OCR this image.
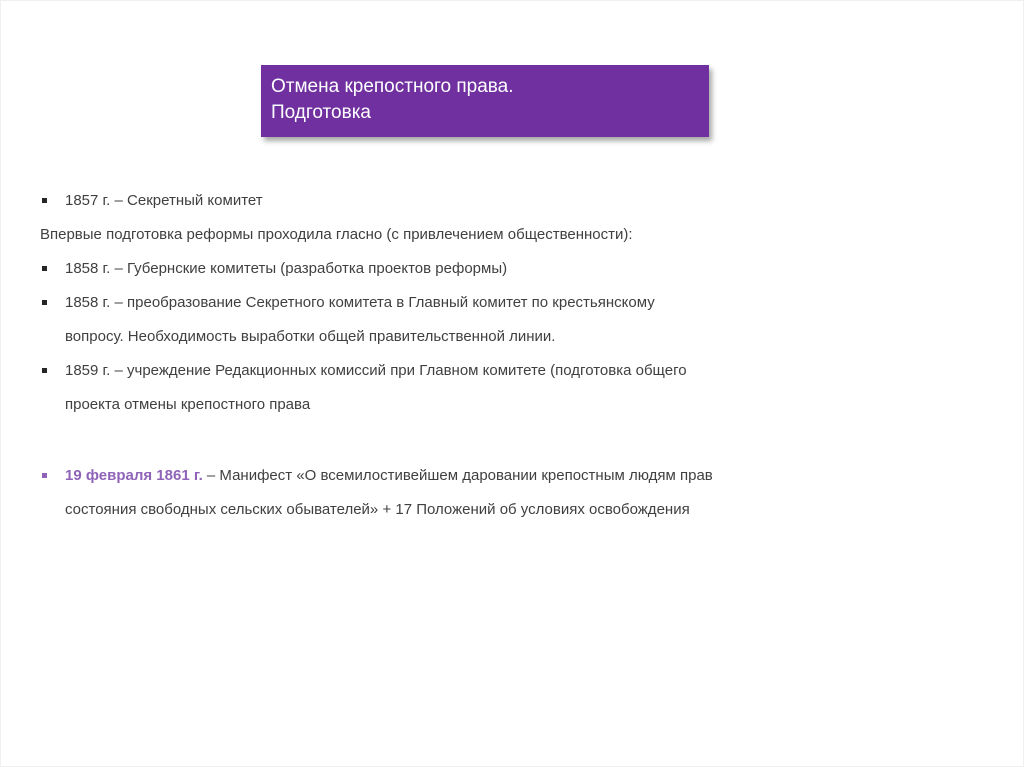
Отмена крепостного права.
Подготовка
1857 г. – Секретный комитет
Впервые подготовка реформы проходила гласно (с привлечением общественности):
1858 г. – Губернские комитеты (разработка проектов реформы)
1858 г. – преобразование Секретного комитета в Главный комитет по крестьянскому
вопросу. Необходимость выработки общей правительственной линии.
1859 г. – учреждение Редакционных комиссий при Главном комитете (подготовка общего
проекта отмены крепостного права
19 февраля 1861 г. – Манифест «О всемилостивейшем даровании крепостным людям прав
состояния свободных сельских обывателей» + 17 Положений об условиях освобождения
